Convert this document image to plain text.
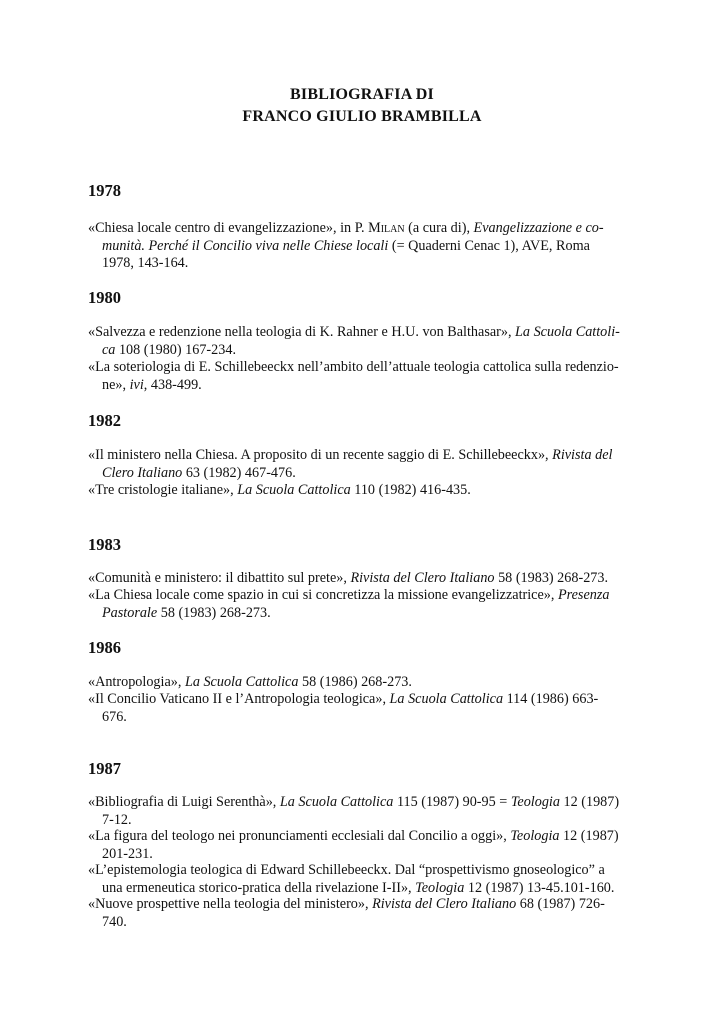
BIBLIOGRAFIA DI
FRANCO GIULIO BRAMBILLA
1978
«Chiesa locale centro di evangelizzazione», in P. Milan (a cura di), Evangelizzazione e co-
munità. Perché il Concilio viva nelle Chiese locali (= Quaderni Cenac 1), AVE, Roma
1978, 143-164.
1980
«Salvezza e redenzione nella teologia di K. Rahner e H.U. von Balthasar», La Scuola Cattoli-
ca 108 (1980) 167-234.
«La soteriologia di E. Schillebeeckx nell’ambito dell’attuale teologia cattolica sulla redenzio-
ne», ivi, 438-499.
1982
«Il ministero nella Chiesa. A proposito di un recente saggio di E. Schillebeeckx», Rivista del
Clero Italiano 63 (1982) 467-476.
«Tre cristologie italiane», La Scuola Cattolica 110 (1982) 416-435.
1983
«Comunità e ministero: il dibattito sul prete», Rivista del Clero Italiano 58 (1983) 268-273.
«La Chiesa locale come spazio in cui si concretizza la missione evangelizzatrice», Presenza
Pastorale 58 (1983) 268-273.
1986
«Antropologia», La Scuola Cattolica 58 (1986) 268-273.
«Il Concilio Vaticano II e l’Antropologia teologica», La Scuola Cattolica 114 (1986) 663-
676.
1987
«Bibliografia di Luigi Serenthà», La Scuola Cattolica 115 (1987) 90-95 = Teologia 12 (1987)
7-12.
«La figura del teologo nei pronunciamenti ecclesiali dal Concilio a oggi», Teologia 12 (1987)
201-231.
«L’epistemologia teologica di Edward Schillebeeckx. Dal “prospettivismo gnoseologico” a
una ermeneutica storico-pratica della rivelazione I-II», Teologia 12 (1987) 13-45.101-160.
«Nuove prospettive nella teologia del ministero», Rivista del Clero Italiano 68 (1987) 726-
740.
